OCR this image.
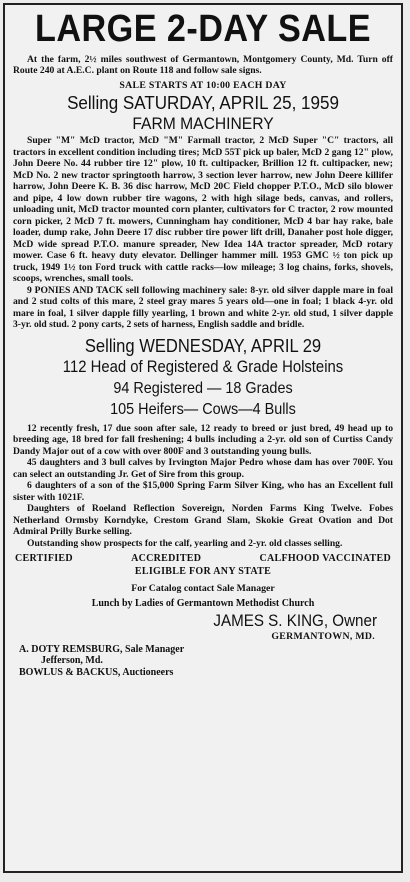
LARGE 2-DAY SALE

At the farm, 2½ miles southwest of Germantown, Montgomery County, Md. Turn off Route 240 at A.E.C. plant on Route 118 and follow sale signs.

SALE STARTS AT 10:00 EACH DAY
Selling SATURDAY, APRIL 25, 1959
FARM MACHINERY

Super "M" McD tractor, McD "M" Farmall tractor, 2 McD Super "C" tractors, all tractors in excellent condition including tires; McD 55T pick up baler, McD 2 gang 12" plow, John Deere No. 44 rubber tire 12" plow, 10 ft. cultipacker, Brillion 12 ft. cultipacker, new; McD No. 2 new tractor springtooth harrow, 3 section lever harrow, new John Deere killifer harrow, John Deere K. B. 36 disc harrow, McD 20C Field chopper P.T.O., McD silo blower and pipe, 4 low down rubber tire wagons, 2 with high silage beds, canvas, and rollers, unloading unit, McD tractor mounted corn planter, cultivators for C tractor, 2 row mounted corn picker, 2 McD 7 ft. mowers, Cunningham hay conditioner, McD 4 bar hay rake, bale loader, dump rake, John Deere 17 disc rubber tire power lift drill, Danaher post hole digger, McD wide spread P.T.O. manure spreader, New Idea 14A tractor spreader, McD rotary mower. Case 6 ft. heavy duty elevator. Dellinger hammer mill. 1953 GMC ½ ton pick up truck, 1949 1½ ton Ford truck with cattle racks—low mileage; 3 log chains, forks, shovels, scoops, wrenches, small tools.

9 PONIES AND TACK sell following machinery sale: 8-yr. old silver dapple mare in foal and 2 stud colts of this mare, 2 steel gray mares 5 years old—one in foal; 1 black 4-yr. old mare in foal, 1 silver dapple filly yearling, 1 brown and white 2-yr. old stud, 1 silver dapple 3-yr. old stud. 2 pony carts, 2 sets of harness, English saddle and bridle.

Selling WEDNESDAY, APRIL 29
112 Head of Registered & Grade Holsteins
94 Registered — 18 Grades
105 Heifers— Cows—4 Bulls

12 recently fresh, 17 due soon after sale, 12 ready to breed or just bred, 49 head up to breeding age, 18 bred for fall freshening; 4 bulls including a 2-yr. old son of Curtiss Candy Dandy Major out of a cow with over 800F and 3 outstanding young bulls.

45 daughters and 3 bull calves by Irvington Major Pedro whose dam has over 700F. You can select an outstanding Jr. Get of Sire from this group.

6 daughters of a son of the $15,000 Spring Farm Silver King, who has an Excellent full sister with 1021F.

Daughters of Roeland Reflection Sovereign, Norden Farms King Twelve. Fobes Netherland Ormsby Korndyke, Crestom Grand Slam, Skokie Great Ovation and Dot Admiral Prilly Burke selling.

Outstanding show prospects for the calf, yearling and 2-yr. old classes selling.

CERTIFIED	ACCREDITED	CALFHOOD VACCINATED
ELIGIBLE FOR ANY STATE
For Catalog contact Sale Manager
Lunch by Ladies of Germantown Methodist Church
JAMES S. KING, Owner
GERMANTOWN, MD.
A. DOTY REMSBURG, Sale Manager
Jefferson, Md.
BOWLUS & BACKUS, Auctioneers
